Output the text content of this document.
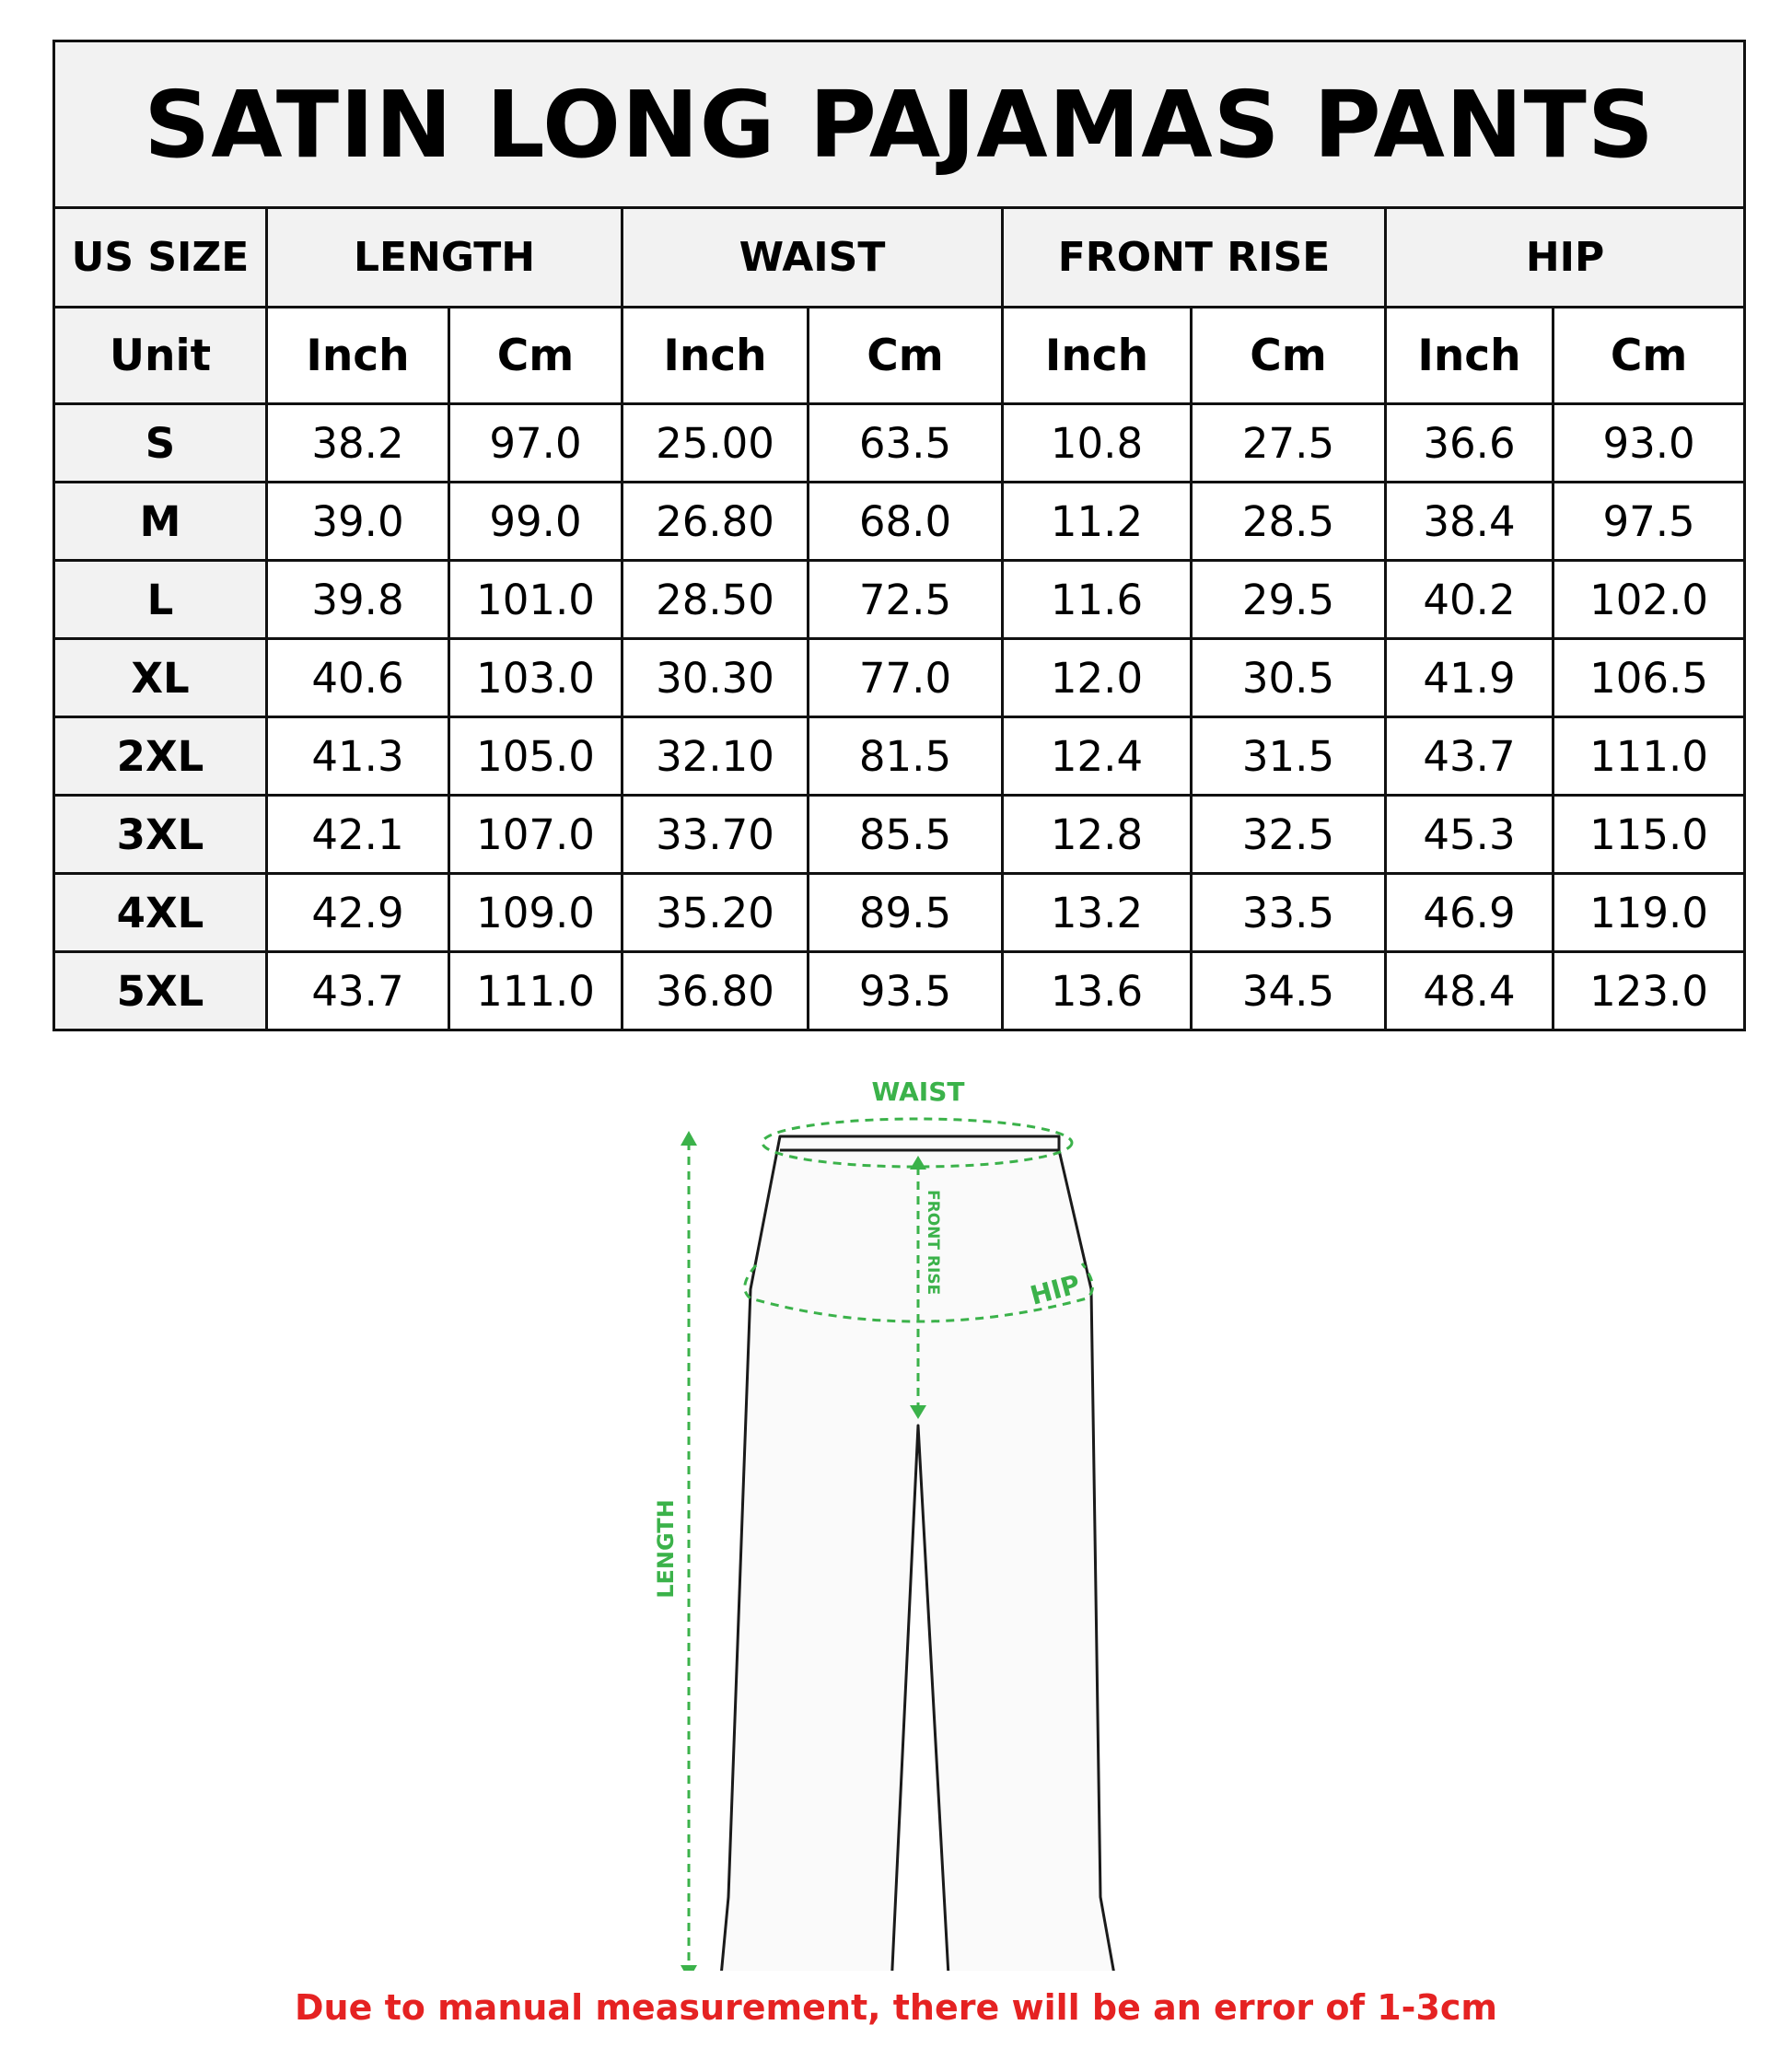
SATIN LONG PAJAMAS PANTS								
US SIZE	LENGTH		WAIST		FRONT RISE		HIP	
Unit	Inch	Cm	Inch	Cm	Inch	Cm	Inch	Cm
S	38.2	97.0	25.00	63.5	10.8	27.5	36.6	93.0
M	39.0	99.0	26.80	68.0	11.2	28.5	38.4	97.5
L	39.8	101.0	28.50	72.5	11.6	29.5	40.2	102.0
XL	40.6	103.0	30.30	77.0	12.0	30.5	41.9	106.5
2XL	41.3	105.0	32.10	81.5	12.4	31.5	43.7	111.0
3XL	42.1	107.0	33.70	85.5	12.8	32.5	45.3	115.0
4XL	42.9	109.0	35.20	89.5	13.2	33.5	46.9	119.0
5XL	43.7	111.0	36.80	93.5	13.6	34.5	48.4	123.0
WAIST
HIP
FRONT RISE
LENGTH
Due to manual measurement, there will be an error of 1-3cm
